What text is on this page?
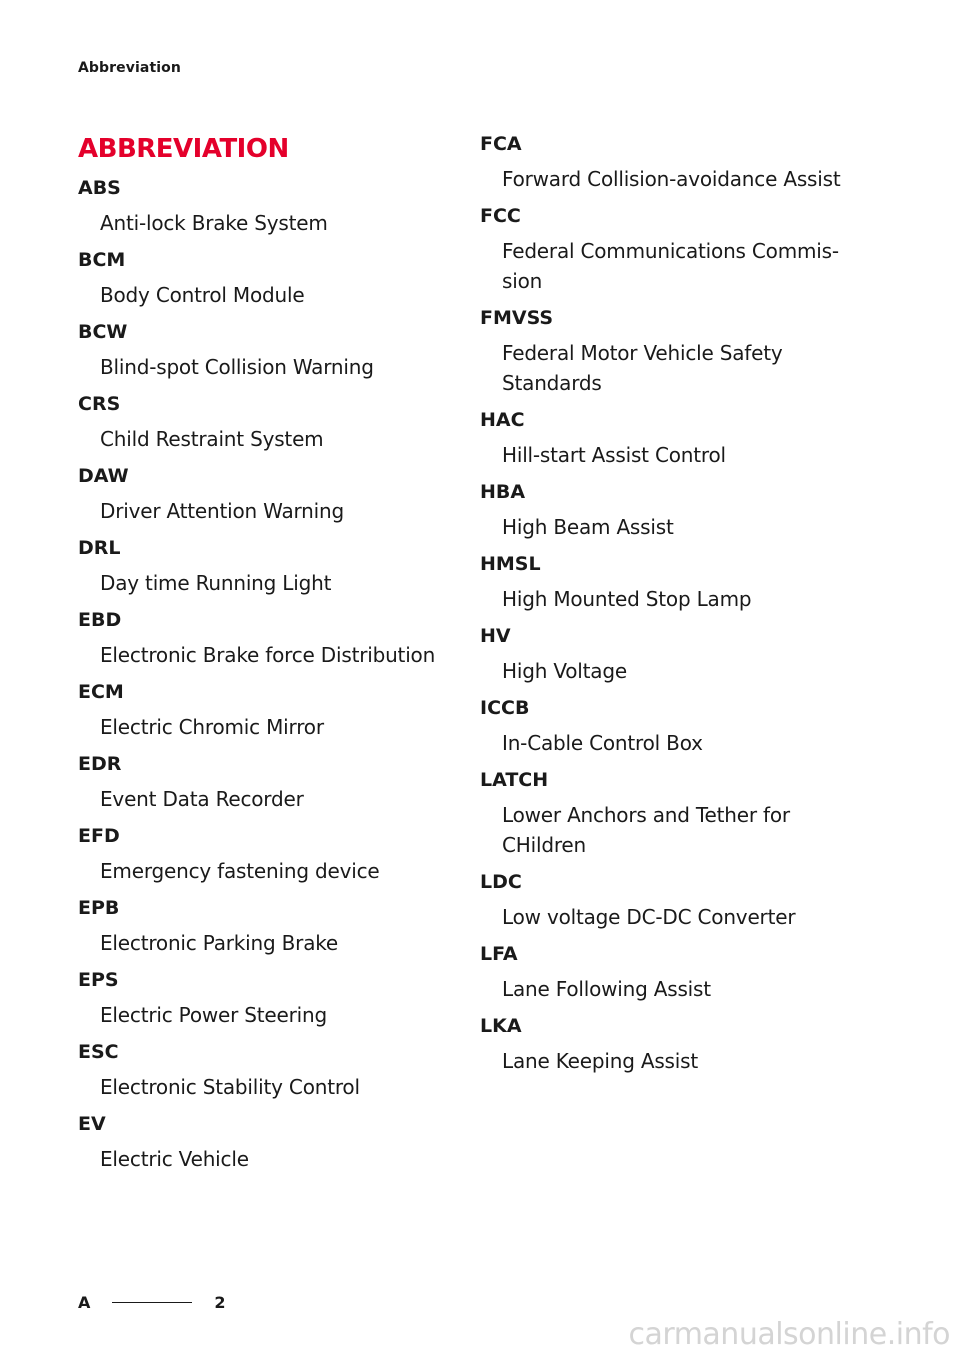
Abbreviation
ABBREVIATION
ABS
Anti-lock Brake System
BCM
Body Control Module
BCW
Blind-spot Collision Warning
CRS
Child Restraint System
DAW
Driver Attention Warning
DRL
Day time Running Light
EBD
Electronic Brake force Distribution
ECM
Electric Chromic Mirror
EDR
Event Data Recorder
EFD
Emergency fastening device
EPB
Electronic Parking Brake
EPS
Electric Power Steering
ESC
Electronic Stability Control
EV
Electric Vehicle
FCA
Forward Collision-avoidance Assist
FCC
Federal Communications Commis-sion
FMVSS
Federal Motor Vehicle Safety Standards
HAC
Hill-start Assist Control
HBA
High Beam Assist
HMSL
High Mounted Stop Lamp
HV
High Voltage
ICCB
In-Cable Control Box
LATCH
Lower Anchors and Tether for CHildren
LDC
Low voltage DC-DC Converter
LFA
Lane Following Assist
LKA
Lane Keeping Assist
A	2
carmanualsonline.info
